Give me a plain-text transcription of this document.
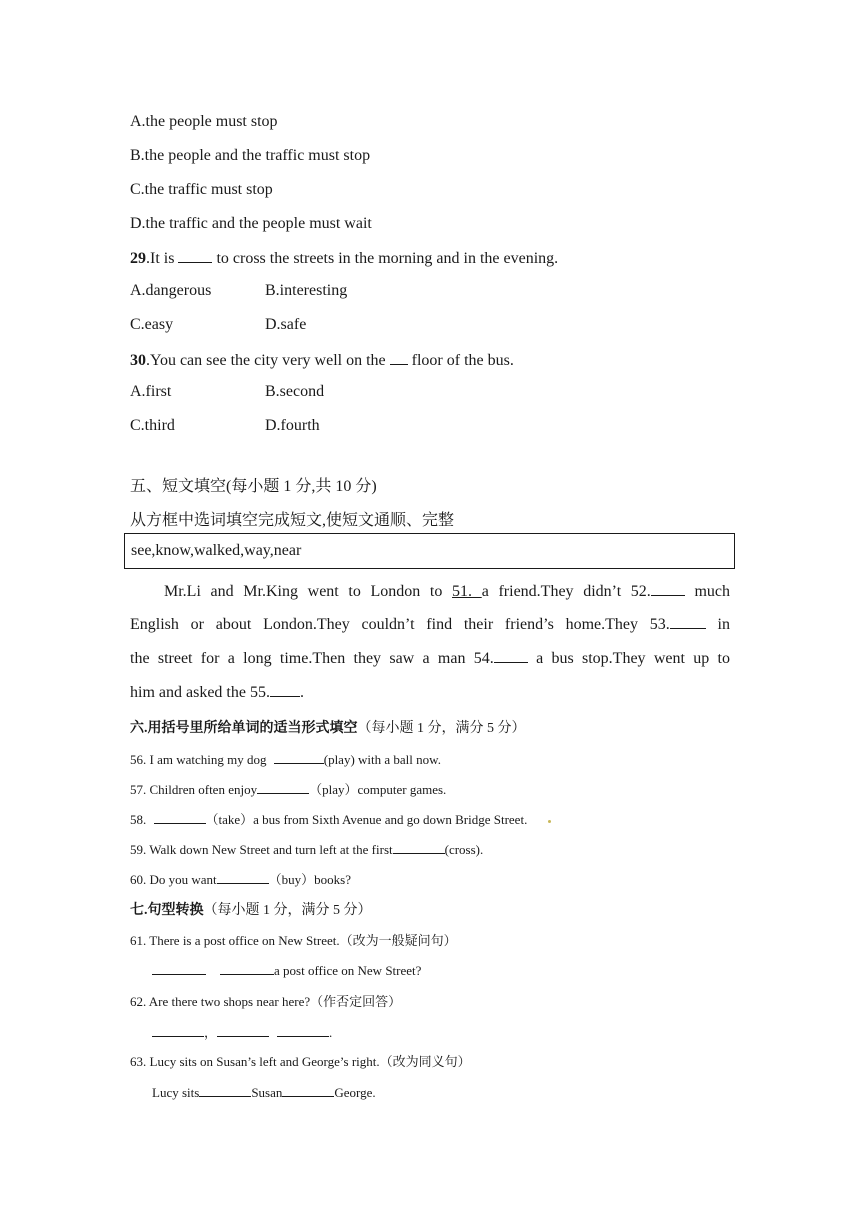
A.the people must stop
B.the people and the traffic must stop
C.the traffic must stop
D.the traffic and the people must wait
29.It is  to cross the streets in the morning and in the evening.
A.dangerous	B.interesting
C.easy	D.safe
30.You can see the city very well on the  floor of the bus.
A.first	B.second
C.third	D.fourth
五、短文填空(每小题 1 分,共 10 分)
从方框中选词填空完成短文,使短文通顺、完整
see,know,walked,way,near
Mr.Li and Mr.King went to London to 51. a friend.They didn’t 52. much
English or about London.They couldn’t find their friend’s home.They 53. in
the street for a long time.Then they saw a man 54. a bus stop.They went up to
him and asked the 55. .
六.用括号里所给单词的适当形式填空（每小题 1 分，满分 5 分）
56. I am watching my dog	(play) with a ball now.
57. Children often enjoy	（play）computer games.
58.	（take）a bus from Sixth Avenue and go down Bridge Street.
59. Walk down New Street and turn left at the first	(cross).
60. Do you want	（buy）books?
七.句型转换（每小题 1 分，满分 5 分）
61. There is a post office on New Street.（改为一般疑问句）
a post office on New Street?
62. Are there two shops near here?（作否定回答）
，	.
63. Lucy sits on Susan’s left and George’s right.（改为同义句）
Lucy sits	Susan	George.
